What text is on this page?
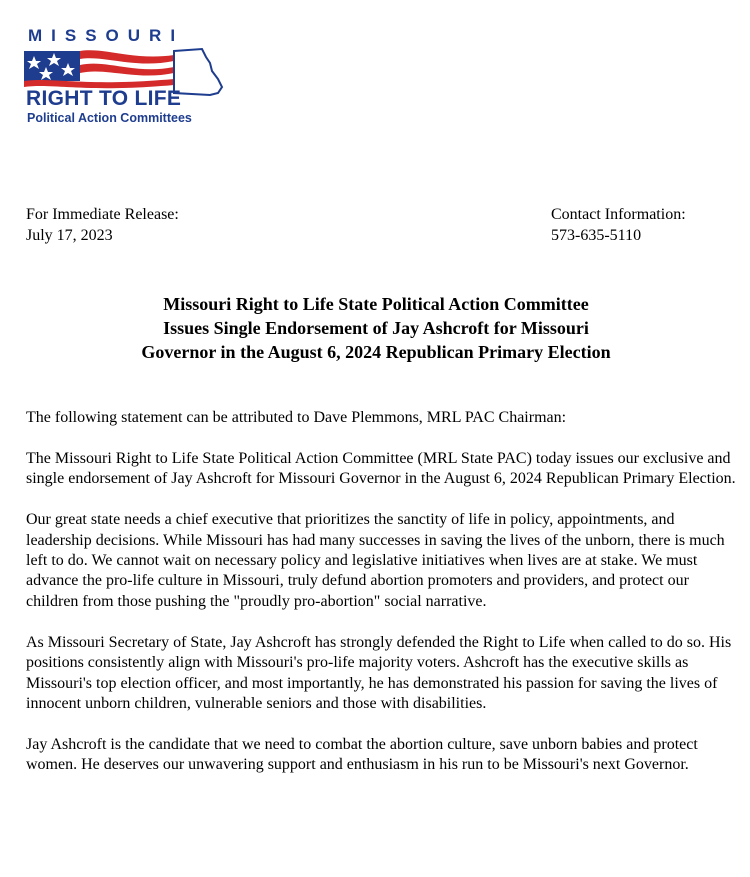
MISSOURI
RIGHT TO LIFE
Political Action Committees
For Immediate Release:
July 17, 2023
Contact Information:
573-635-5110
Missouri Right to Life State Political Action Committee
Issues Single Endorsement of Jay Ashcroft for Missouri
Governor in the August 6, 2024 Republican Primary Election

The following statement can be attributed to Dave Plemmons, MRL PAC Chairman:

The Missouri Right to Life State Political Action Committee (MRL State PAC) today issues our exclusive and single endorsement of Jay Ashcroft for Missouri Governor in the August 6, 2024 Republican Primary Election.

Our great state needs a chief executive that prioritizes the sanctity of life in policy, appointments, and leadership decisions. While Missouri has had many successes in saving the lives of the unborn, there is much left to do. We cannot wait on necessary policy and legislative initiatives when lives are at stake. We must advance the pro-life culture in Missouri, truly defund abortion promoters and providers, and protect our children from those pushing the "proudly pro-abortion" social narrative.

As Missouri Secretary of State, Jay Ashcroft has strongly defended the Right to Life when called to do so. His positions consistently align with Missouri's pro-life majority voters. Ashcroft has the executive skills as Missouri's top election officer, and most importantly, he has demonstrated his passion for saving the lives of innocent unborn children, vulnerable seniors and those with disabilities.

Jay Ashcroft is the candidate that we need to combat the abortion culture, save unborn babies and protect women. He deserves our unwavering support and enthusiasm in his run to be Missouri's next Governor.
